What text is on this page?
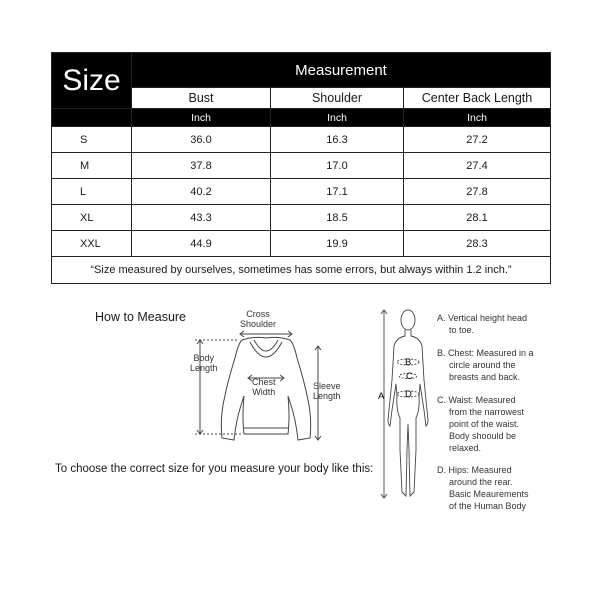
Size	Measurement		
	Bust	Shoulder	Center Back Length
	Inch	Inch	Inch
S	36.0	16.3	27.2
M	37.8	17.0	27.4
L	40.2	17.1	27.8
XL	43.3	18.5	28.1
XXL	44.9	19.9	28.3
“Size measured by ourselves, sometimes has some errors, but always within 1.2 inch.”			
How to Measure	Cross
Shoulder
Body
Length
Chest
Width
Sleeve
Length
To choose the correct size for you measure your body like this:
A
B
C
D
A. Vertical height head
to toe.
B. Chest: Measured in a
circle around the
breasts and back.
C. Waist: Measured
from the narrowest
point of the waist.
Body shoould be
relaxed.
D. Hips: Measured
around the rear.
Basic Meaurements
of the Human Body
